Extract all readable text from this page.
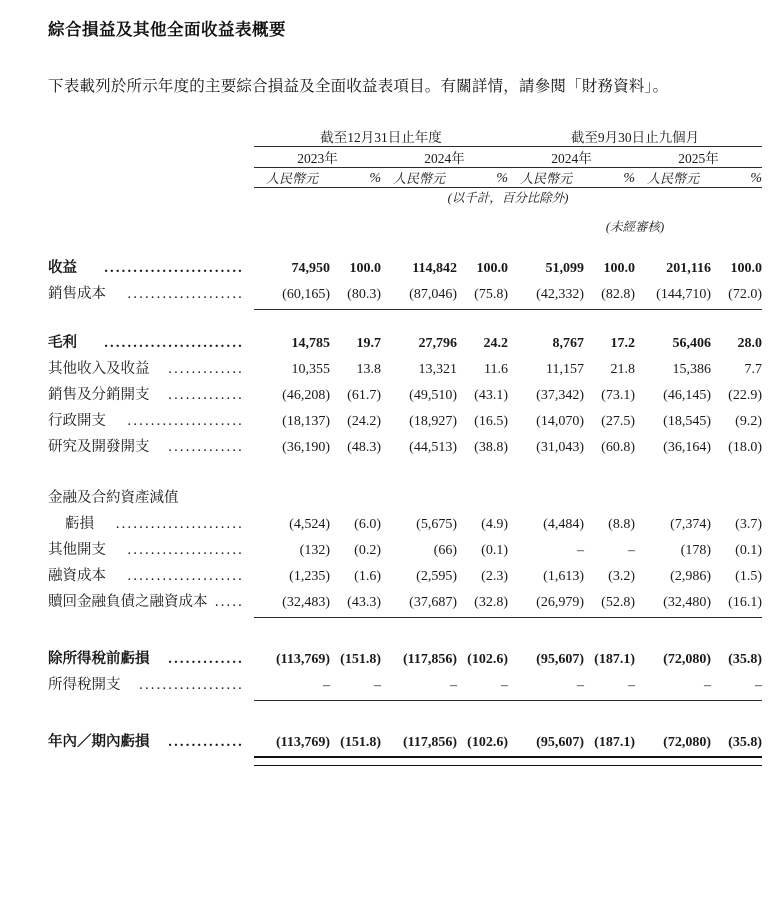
綜合損益及其他全面收益表概要
下表載列於所示年度的主要綜合損益及全面收益表項目。有關詳情，請參閱「財務資料」。
	截至12月31日止年度				截至9月30日止九個月			

	2023年		2024年		2024年		2025年	

	人民幣元	%	人民幣元	%	人民幣元	%	人民幣元	%

	(以千計，百分比除外)							
					(未經審核)			

收益........................	74,950	100.0	114,842	100.0	51,099	100.0	201,116	100.0
銷售成本....................	(60,165)	(80.3)	(87,046)	(75.8)	(42,332)	(82.8)	(144,710)	(72.0)

毛利........................	14,785	19.7	27,796	24.2	8,767	17.2	56,406	28.0
其他收入及收益.............	10,355	13.8	13,321	11.6	11,157	21.8	15,386	7.7
銷售及分銷開支.............	(46,208)	(61.7)	(49,510)	(43.1)	(37,342)	(73.1)	(46,145)	(22.9)
行政開支....................	(18,137)	(24.2)	(18,927)	(16.5)	(14,070)	(27.5)	(18,545)	(9.2)
研究及開發開支.............	(36,190)	(48.3)	(44,513)	(38.8)	(31,043)	(60.8)	(36,164)	(18.0)

金融及合約資產減值								
虧損......................	(4,524)	(6.0)	(5,675)	(4.9)	(4,484)	(8.8)	(7,374)	(3.7)
其他開支....................	(132)	(0.2)	(66)	(0.1)	–	–	(178)	(0.1)
融資成本....................	(1,235)	(1.6)	(2,595)	(2.3)	(1,613)	(3.2)	(2,986)	(1.5)
贖回金融負債之融資成本.....	(32,483)	(43.3)	(37,687)	(32.8)	(26,979)	(52.8)	(32,480)	(16.1)

除所得稅前虧損.............	(113,769)	(151.8)	(117,856)	(102.6)	(95,607)	(187.1)	(72,080)	(35.8)
所得稅開支..................	–	–	–	–	–	–	–	–

年內／期內虧損.............	(113,769)	(151.8)	(117,856)	(102.6)	(95,607)	(187.1)	(72,080)	(35.8)
